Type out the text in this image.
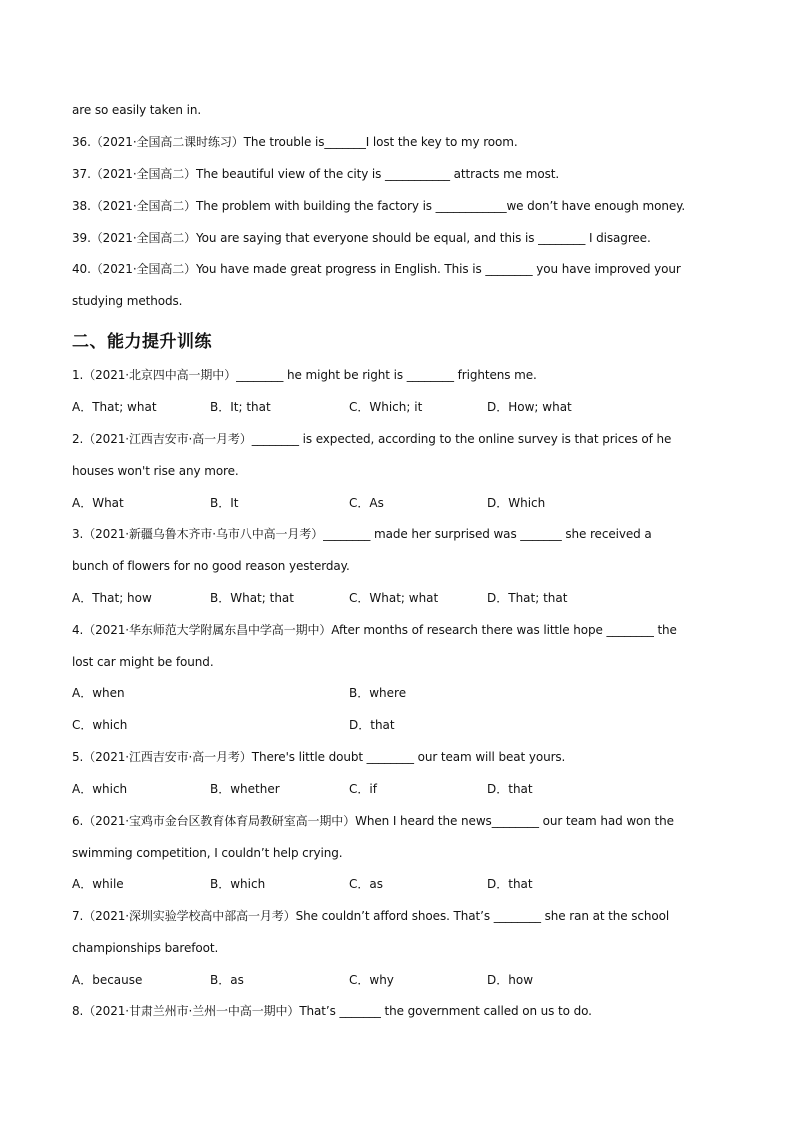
are so easily taken in.
36.（2021·全国高二课时练习）The trouble is_______I lost the key to my room.
37.（2021·全国高二）The beautiful view of the city is ___________ attracts me most.
38.（2021·全国高二）The problem with building the factory is ____________we don’t have enough money.
39.（2021·全国高二）You are saying that everyone should be equal, and this is ________ I disagree.
40.（2021·全国高二）You have made great progress in English. This is ________ you have improved your
studying methods.
二、能力提升训练
1.（2021·北京四中高一期中）________ he might be right is ________ frightens me.
A．That; what	B．It; that	C．Which; it	D．How; what
2.（2021·江西吉安市·高一月考）________ is expected, according to the online survey is that prices of he
houses won't rise any more.
A．What	B．It	C．As	D．Which
3.（2021·新疆乌鲁木齐市·乌市八中高一月考）________ made her surprised was _______ she received a
bunch of flowers for no good reason yesterday.
A．That; how	B．What; that	C．What; what	D．That; that
4.（2021·华东师范大学附属东昌中学高一期中）After months of research there was little hope ________ the
lost car might be found.
A．when	B．where
C．which	D．that
5.（2021·江西吉安市·高一月考）There's little doubt ________ our team will beat yours.
A．which	B．whether	C．if	D．that
6.（2021·宝鸡市金台区教育体育局教研室高一期中）When I heard the news________ our team had won the
swimming competition, I couldn’t help crying.
A．while	B．which	C．as	D．that
7.（2021·深圳实验学校高中部高一月考）She couldn’t afford shoes. That’s ________ she ran at the school
championships barefoot.
A．because	B．as	C．why	D．how
8.（2021·甘肃兰州市·兰州一中高一期中）That’s _______ the government called on us to do.
